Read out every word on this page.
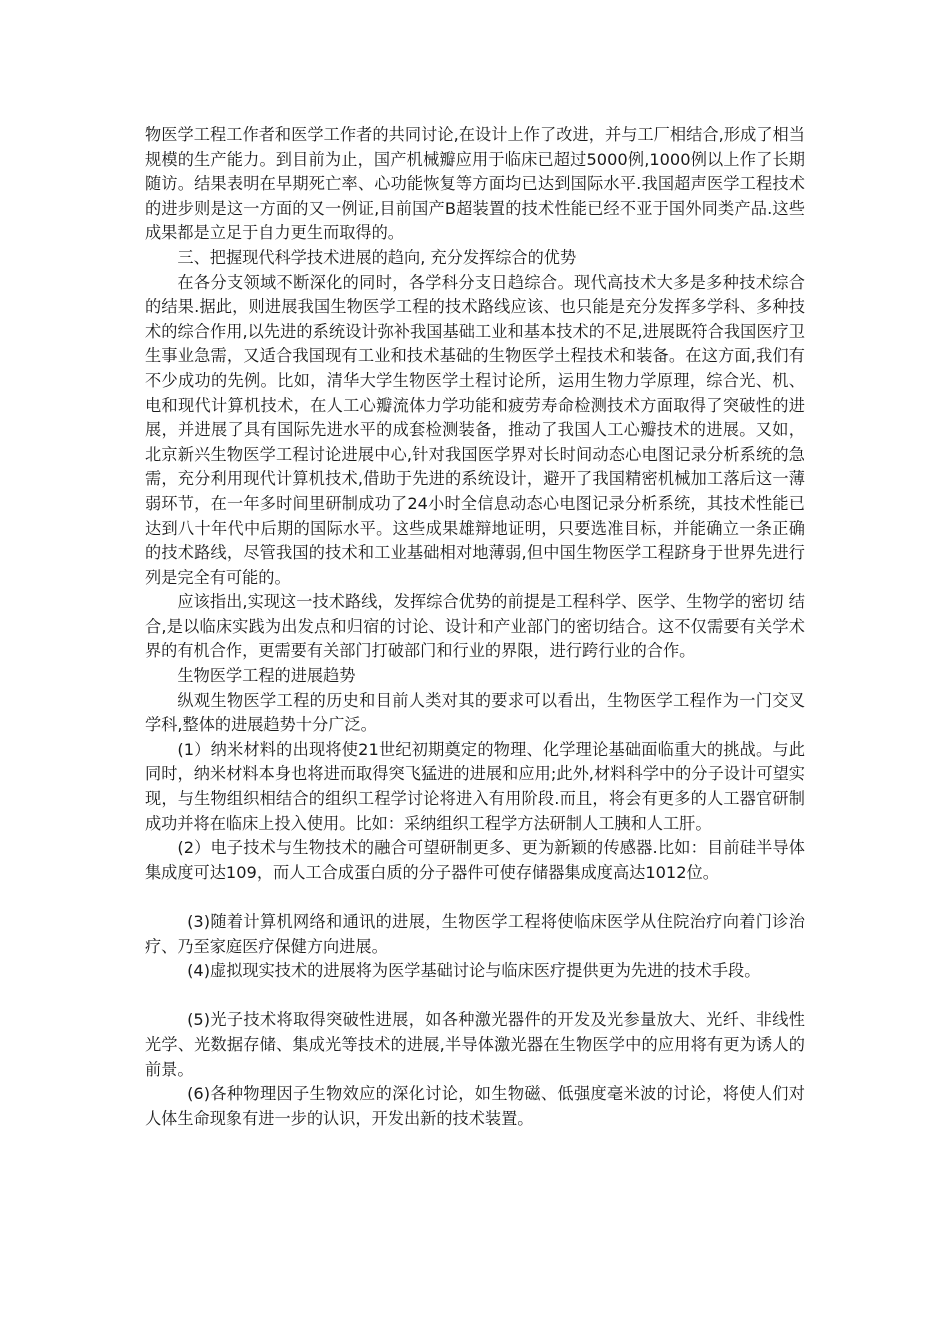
物医学工程工作者和医学工作者的共同讨论,在设计上作了改进，并与工厂相结合,形成了相当规模的生产能力。到目前为止，国产机械瓣应用于临床已超过5000例,1000例以上作了长期随访。结果表明在早期死亡率、心功能恢复等方面均已达到国际水平.我国超声医学工程技术的进步则是这一方面的又一例证,目前国产B超装置的技术性能已经不亚于国外同类产品.这些成果都是立足于自力更生而取得的。

三、把握现代科学技术进展的趋向, 充分发挥综合的优势

在各分支领域不断深化的同时，各学科分支日趋综合。现代高技术大多是多种技术综合的结果.据此，则进展我国生物医学工程的技术路线应该、也只能是充分发挥多学科、多种技术的综合作用,以先进的系统设计弥补我国基础工业和基本技术的不足,进展既符合我国医疗卫生事业急需，又适合我国现有工业和技术基础的生物医学土程技术和装备。在这方面,我们有不少成功的先例。比如，清华大学生物医学土程讨论所，运用生物力学原理，综合光、机、电和现代计算机技术，在人工心瓣流体力学功能和疲劳寿命检测技术方面取得了突破性的进展，并进展了具有国际先进水平的成套检测装备，推动了我国人工心瓣技术的进展。又如，北京新兴生物医学工程讨论进展中心,针对我国医学界对长时间动态心电图记录分析系统的急需，充分利用现代计算机技术,借助于先进的系统设计，避开了我国精密机械加工落后这一薄弱环节，在一年多时间里研制成功了24小时全信息动态心电图记录分析系统，其技术性能已达到八十年代中后期的国际水平。这些成果雄辩地证明，只要选准目标，并能确立一条正确的技术路线，尽管我国的技术和工业基础相对地薄弱,但中国生物医学工程跻身于世界先进行列是完全有可能的。

应该指出,实现这一技术路线，发挥综合优势的前提是工程科学、医学、生物学的密切 结合,是以临床实践为出发点和归宿的讨论、设计和产业部门的密切结合。这不仅需要有关学术界的有机合作，更需要有关部门打破部门和行业的界限，进行跨行业的合作。

生物医学工程的进展趋势

纵观生物医学工程的历史和目前人类对其的要求可以看出，生物医学工程作为一门交叉学科,整体的进展趋势十分广泛。

(1）纳米材料的出现将使21世纪初期奠定的物理、化学理论基础面临重大的挑战。与此同时，纳米材料本身也将进而取得突飞猛进的进展和应用;此外,材料科学中的分子设计可望实现，与生物组织相结合的组织工程学讨论将进入有用阶段.而且，将会有更多的人工器官研制成功并将在临床上投入使用。比如：采纳组织工程学方法研制人工胰和人工肝。

(2）电子技术与生物技术的融合可望研制更多、更为新颖的传感器.比如：目前硅半导体集成度可达109，而人工合成蛋白质的分子器件可使存储器集成度高达1012位。

(3)随着计算机网络和通讯的进展，生物医学工程将使临床医学从住院治疗向着门诊治疗、乃至家庭医疗保健方向进展。

(4)虚拟现实技术的进展将为医学基础讨论与临床医疗提供更为先进的技术手段。

(5)光子技术将取得突破性进展，如各种激光器件的开发及光参量放大、光纤、非线性光学、光数据存储、集成光等技术的进展,半导体激光器在生物医学中的应用将有更为诱人的前景。

(6)各种物理因子生物效应的深化讨论，如生物磁、低强度毫米波的讨论，将使人们对人体生命现象有进一步的认识，开发出新的技术装置。
